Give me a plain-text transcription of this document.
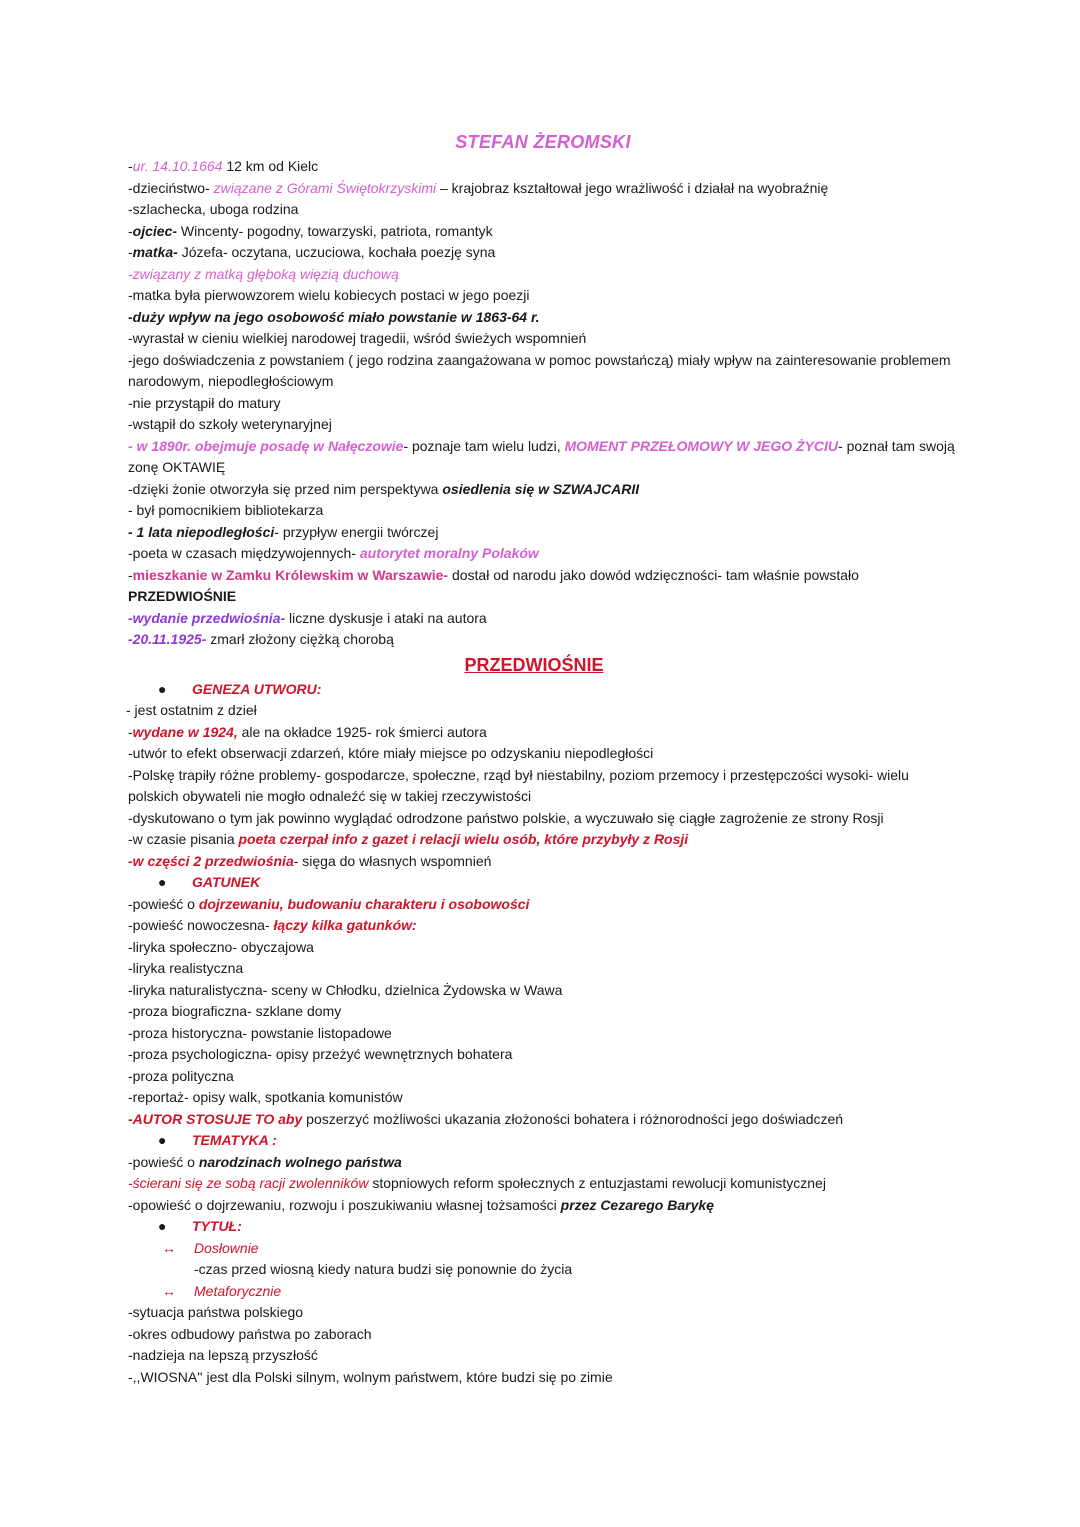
STEFAN ŻEROMSKI
-ur. 14.10.1664 12 km od Kielc
-dzieciństwo- związane z Górami Świętokrzyskimi – krajobraz kształtował jego wrażliwość i działał na wyobraźnię
-szlachecka, uboga rodzina
-ojciec- Wincenty- pogodny, towarzyski, patriota, romantyk
-matka- Józefa- oczytana, uczuciowa, kochała poezję syna
-związany z matką głęboką więzią duchową
-matka była pierwowzorem wielu kobiecych postaci w jego poezji
-duży wpływ na jego osobowość miało powstanie w 1863-64 r.
-wyrastał w cieniu wielkiej narodowej tragedii, wśród świeżych wspomnień
-jego doświadczenia z powstaniem ( jego rodzina zaangażowana w pomoc powstańczą) miały wpływ na zainteresowanie problemem narodowym, niepodległościowym
-nie przystąpił do matury
-wstąpił do szkoły weterynaryjnej
- w 1890r. obejmuje posadę w Nałęczowie- poznaje tam wielu ludzi, MOMENT PRZEŁOMOWY W JEGO ŻYCIU- poznał tam swoją zonę OKTAWIĘ
-dzięki żonie otworzyła się przed nim perspektywa osiedlenia się w SZWAJCARII
- był pomocnikiem bibliotekarza
- 1 lata niepodległości- przypływ energii twórczej
-poeta w czasach międzywojennych- autorytet moralny Polaków
-mieszkanie w Zamku Królewskim w Warszawie- dostał od narodu jako dowód wdzięczności- tam właśnie powstało PRZEDWIOŚNIE
-wydanie przedwiośnia- liczne dyskusje i ataki na autora
-20.11.1925- zmarł złożony ciężką chorobą
PRZEDWIOŚNIE
● GENEZA UTWORU:
- jest ostatnim z dzieł
-wydane w 1924, ale na okładce 1925- rok śmierci autora
-utwór to efekt obserwacji zdarzeń, które miały miejsce po odzyskaniu niepodległości
-Polskę trapiły różne problemy- gospodarcze, społeczne, rząd był niestabilny, poziom przemocy i przestępczości wysoki- wielu polskich obywateli nie mogło odnaleźć się w takiej rzeczywistości
-dyskutowano o tym jak powinno wyglądać odrodzone państwo polskie, a wyczuwało się ciągłe zagrożenie ze strony Rosji
-w czasie pisania poeta czerpał info z gazet i relacji wielu osób, które przybyły z Rosji
-w części 2 przedwiośnia- sięga do własnych wspomnień
● GATUNEK
-powieść o dojrzewaniu, budowaniu charakteru i osobowości
-powieść nowoczesna- łączy kilka gatunków:
-liryka społeczno- obyczajowa
-liryka realistyczna
-liryka naturalistyczna- sceny w Chłodku, dzielnica Żydowska w Wawa
-proza biograficzna- szklane domy
-proza historyczna- powstanie listopadowe
-proza psychologiczna- opisy przeżyć wewnętrznych bohatera
-proza polityczna
-reportaż- opisy walk, spotkania komunistów
-AUTOR STOSUJE TO aby poszerzyć możliwości ukazania złożoności bohatera i różnorodności jego doświadczeń
● TEMATYKA :
-powieść o narodzinach wolnego państwa
-ścierani się ze sobą racji zwolenników stopniowych reform społecznych z entuzjastami rewolucji komunistycznej
-opowieść o dojrzewaniu, rozwoju i poszukiwaniu własnej tożsamości przez Cezarego Barykę
● TYTUŁ:
↔ Dosłownie
-czas przed wiosną kiedy natura budzi się ponownie do życia
↔ Metaforycznie
-sytuacja państwa polskiego
-okres odbudowy państwa po zaborach
-nadzieja na lepszą przyszłość
-,,WIOSNA'' jest dla Polski silnym, wolnym państwem, które budzi się po zimie
